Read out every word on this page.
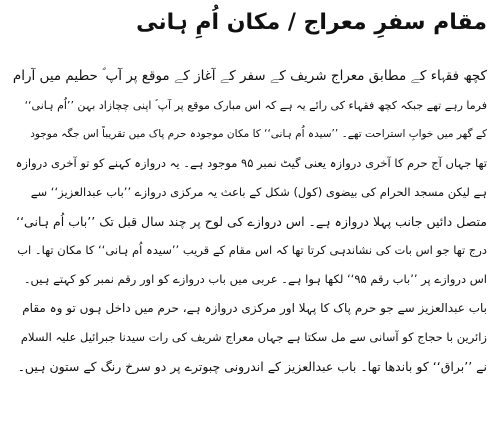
مقام سفرِ معراج / مکان اُمِ ہانی
کچھ فقہاء کے مطابق معراج شریف کے سفر کے آغاز کے موقع پر آپ ؐ حطیم میں آرام
فرما رہے تھے جبکہ کچھ فقہاء کی رائے یہ ہے کہ اس مبارک موقع پر آپ ؐ اپنی چچازاد بہن ’’اُم ہانی‘‘
کے گھر میں خوابِ استراحت تھے۔ ’’سیدہ اُم ہانی‘‘ کا مکان موجودہ حرم پاک میں تقریباً اس جگہ موجود
تھا جہاں آج حرم کا آخری دروازہ یعنی گیٹ نمبر ۹۵ موجود ہے۔ یہ دروازہ کہنے کو تو آخری دروازہ
ہے لیکن مسجد الحرام کی بیضوی (کول) شکل کے باعث یہ مرکزی دروازے ’’باب عبدالعزیز‘‘ سے
متصل دائیں جانب پہلا دروازہ ہے۔ اس دروازے کی لوح پر چند سال قبل تک ’’باب اُم ہانی‘‘
درج تھا جو اس بات کی نشاندہی کرتا تھا کہ اس مقام کے قریب ’’سیدہ اُم ہانی‘‘ کا مکان تھا۔ اب
اس دروازے پر ’’باب رقم ۹۵‘‘ لکھا ہوا ہے۔ عربی میں باب دروازے کو اور رقم نمبر کو کہتے ہیں۔
باب عبدالعزیز سے جو حرم پاک کا پہلا اور مرکزی دروازہ ہے، حرم میں داخل ہوں تو وہ مقام
زائرین با حجاج کو آسانی سے مل سکتا ہے جہاں معراج شریف کی رات سیدنا جبرائیل علیہ السلام
نے ’’براق‘‘ کو باندھا تھا۔ باب عبدالعزیز کے اندرونی چبوترے پر دو سرخ رنگ کے ستون ہیں۔
